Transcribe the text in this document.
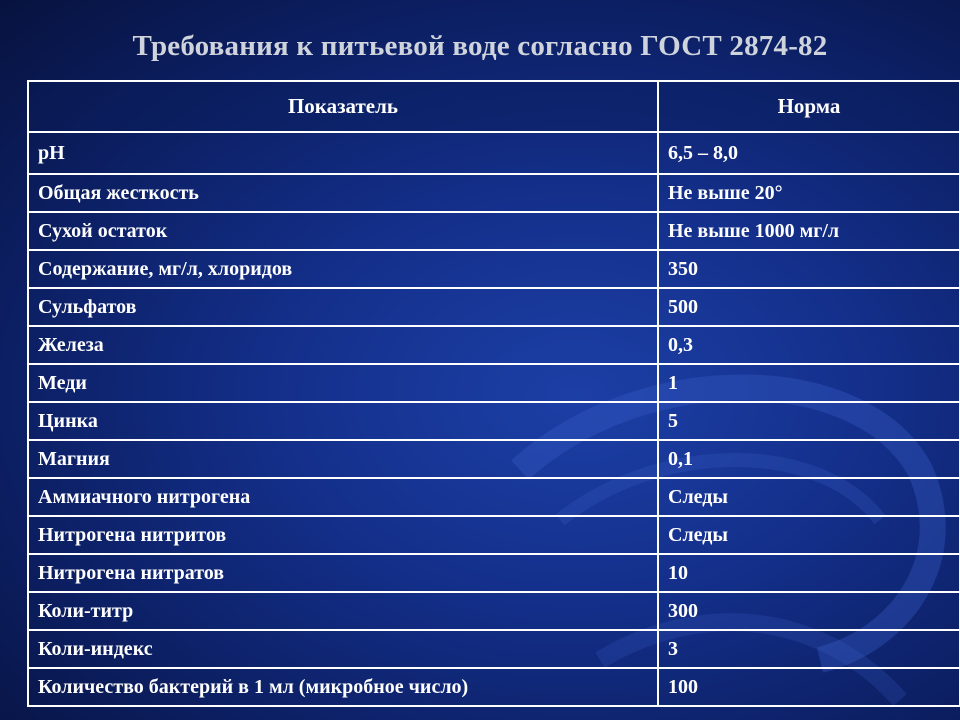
Требования к питьевой воде согласно ГОСТ 2874-82
Показатель	Норма
pH	6,5 – 8,0
Общая жесткость	Не выше 20°
Сухой остаток	Не выше 1000 мг/л
Содержание, мг/л, хлоридов	350
Сульфатов	500
Железа	0,3
Меди	1
Цинка	5
Магния	0,1
Аммиачного нитрогена	Следы
Нитрогена нитритов	Следы
Нитрогена нитратов	10
Коли-титр	300
Коли-индекс	3
Количество бактерий в 1 мл (микробное число)	100
